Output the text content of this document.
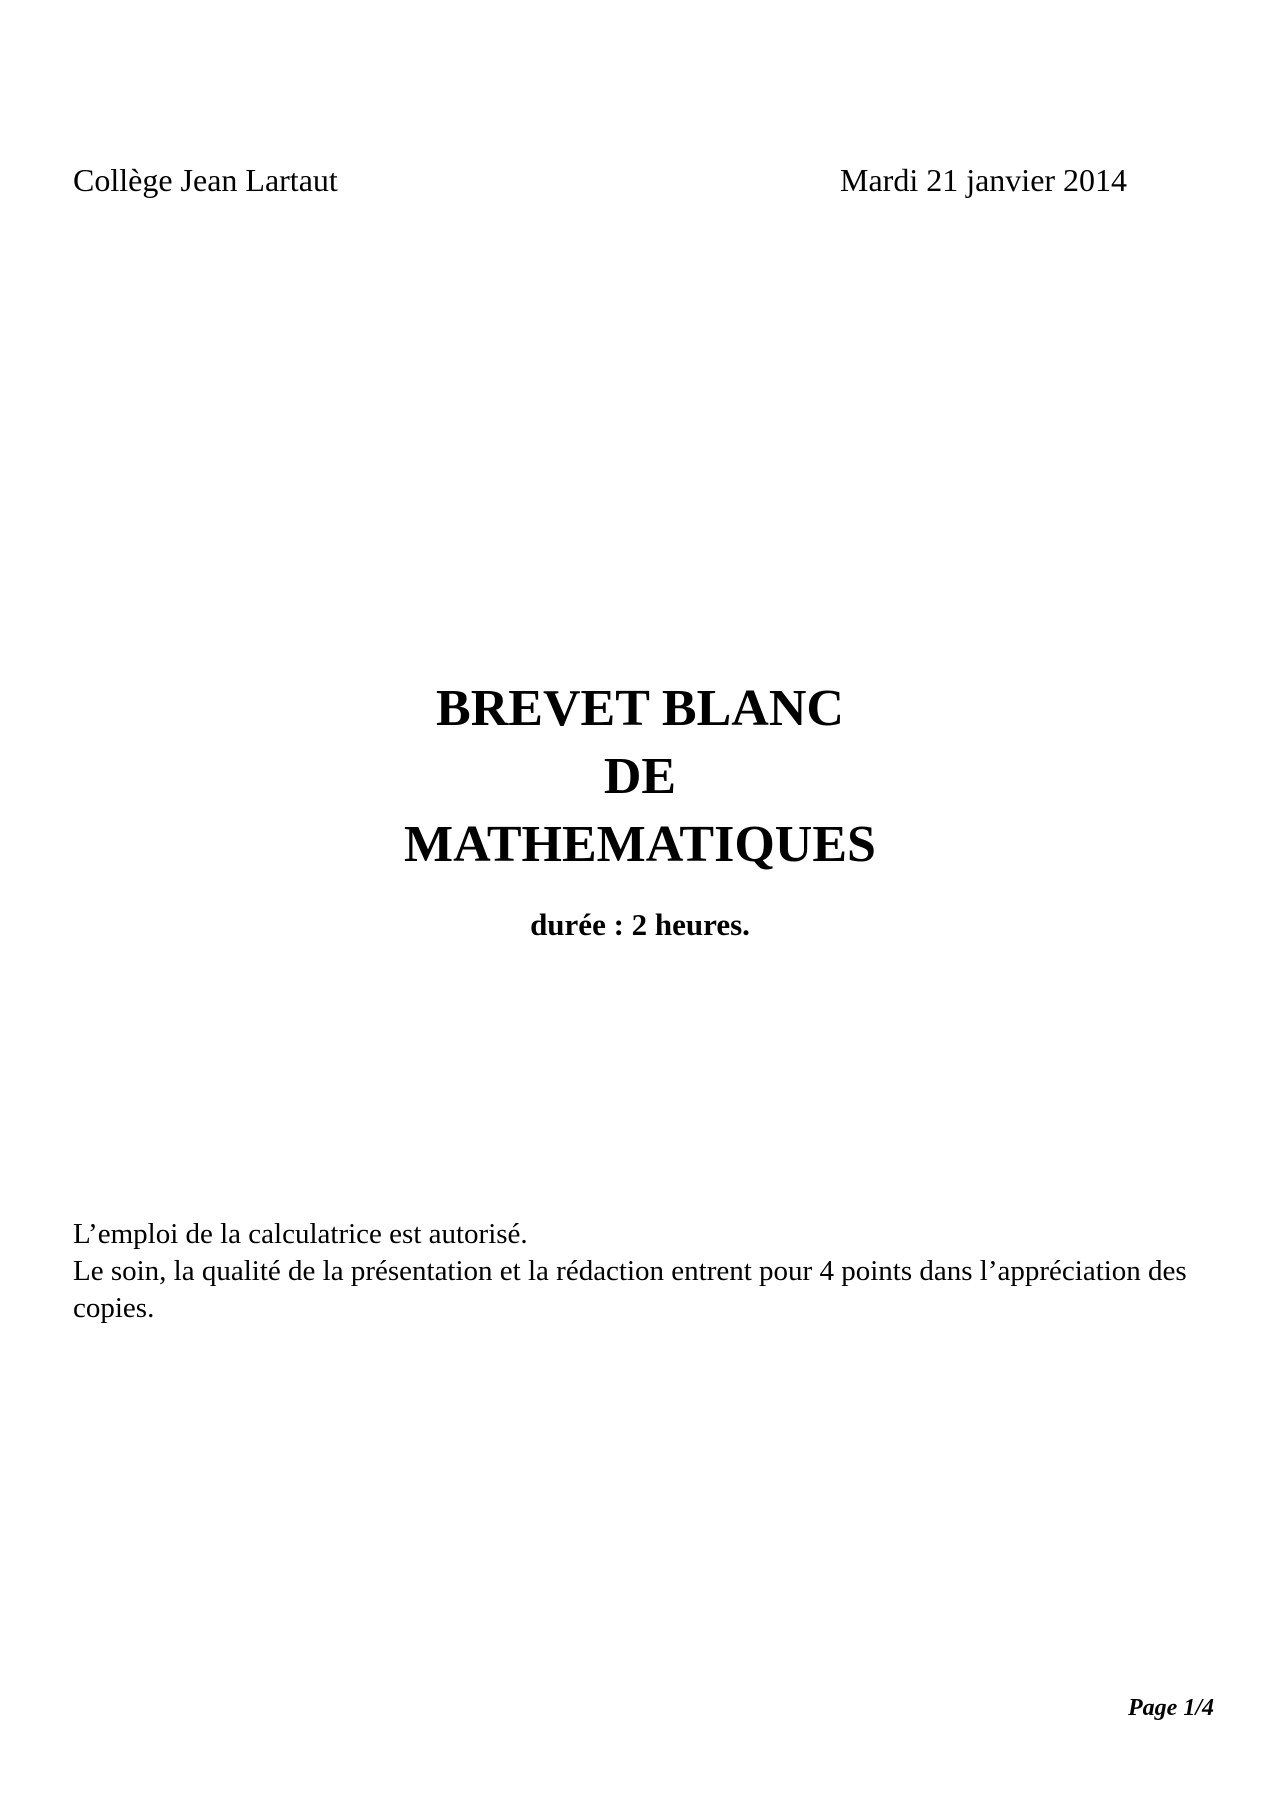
Collège Jean Lartaut	Mardi 21 janvier 2014
BREVET BLANC
DE
MATHEMATIQUES
durée : 2 heures.

L’emploi de la calculatrice est autorisé.

Le soin, la qualité de la présentation et la rédaction entrent pour 4 points dans l’appréciation des copies.

Page 1/4
